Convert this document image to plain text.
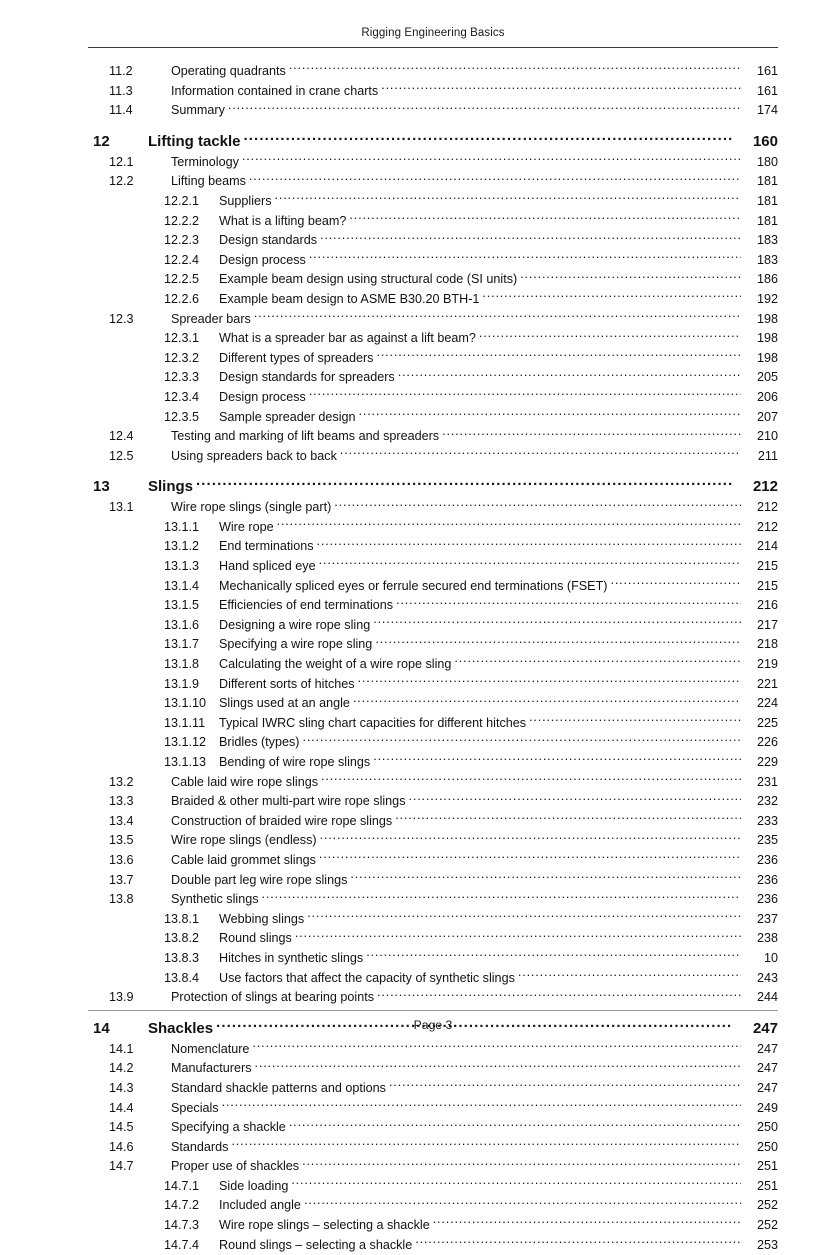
Rigging Engineering Basics
11.2	Operating quadrants .....	161
11.3	Information contained in crane charts .....	161
11.4	Summary .....	174
12	Lifting tackle .....	160
12.1	Terminology .....	180
12.2	Lifting beams .....	181
12.2.1	Suppliers .....	181
12.2.2	What is a lifting beam? .....	181
12.2.3	Design standards .....	183
12.2.4	Design process .....	183
12.2.5	Example beam design using structural code (SI units) .....	186
12.2.6	Example beam design to ASME B30.20 BTH-1 .....	192
12.3	Spreader bars .....	198
12.3.1	What is a spreader bar as against a lift beam? .....	198
12.3.2	Different types of spreaders .....	198
12.3.3	Design standards for spreaders .....	205
12.3.4	Design process .....	206
12.3.5	Sample spreader design .....	207
12.4	Testing and marking of lift beams and spreaders .....	210
12.5	Using spreaders back to back .....	211
13	Slings .....	212
13.1	Wire rope slings (single part) .....	212
13.1.1	Wire rope .....	212
13.1.2	End terminations .....	214
13.1.3	Hand spliced eye .....	215
13.1.4	Mechanically spliced eyes or ferrule secured end terminations (FSET) .....	215
13.1.5	Efficiencies of end terminations .....	216
13.1.6	Designing a wire rope sling .....	217
13.1.7	Specifying a wire rope sling .....	218
13.1.8	Calculating the weight of a wire rope sling .....	219
13.1.9	Different sorts of hitches .....	221
13.1.10	Slings used at an angle .....	224
13.1.11	Typical IWRC sling chart capacities for different hitches .....	225
13.1.12	Bridles (types) .....	226
13.1.13	Bending of wire rope slings .....	229
13.2	Cable laid wire rope slings .....	231
13.3	Braided & other multi-part wire rope slings .....	232
13.4	Construction of braided wire rope slings .....	233
13.5	Wire rope slings (endless) .....	235
13.6	Cable laid grommet slings .....	236
13.7	Double part leg wire rope slings .....	236
13.8	Synthetic slings .....	236
13.8.1	Webbing slings .....	237
13.8.2	Round slings .....	238
13.8.3	Hitches in synthetic slings .....	10
13.8.4	Use factors that affect the capacity of synthetic slings .....	243
13.9	Protection of slings at bearing points .....	244
14	Shackles .....	247
14.1	Nomenclature .....	247
14.2	Manufacturers .....	247
14.3	Standard shackle patterns and options .....	247
14.4	Specials .....	249
14.5	Specifying a shackle .....	250
14.6	Standards .....	250
14.7	Proper use of shackles .....	251
14.7.1	Side loading .....	251
14.7.2	Included angle .....	252
14.7.3	Wire rope slings – selecting a shackle .....	252
14.7.4	Round slings – selecting a shackle .....	253
Page 3
